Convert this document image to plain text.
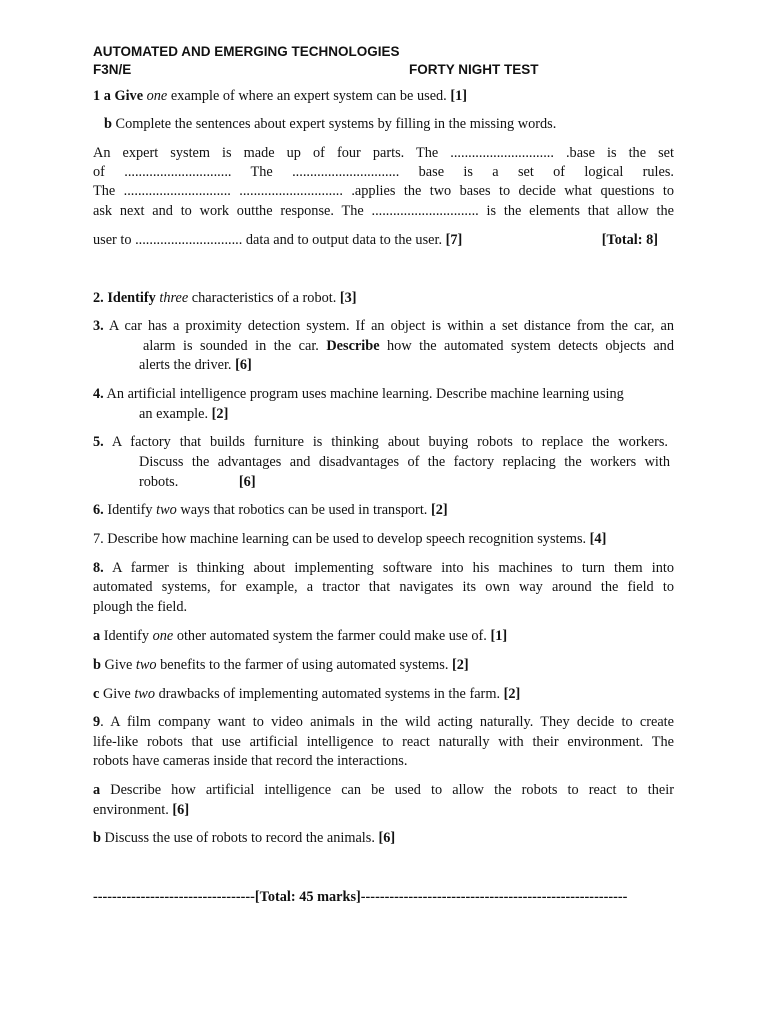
AUTOMATED AND EMERGING TECHNOLOGIES
F3N/E	FORTY NIGHT TEST

1 a Give one example of where an expert system can be used. [1]

b Complete the sentences about expert systems by filling in the missing words.

An expert system is made up of four parts. The ............................. .base is the set
of .............................. The .............................. base is a set of logical rules.
The .............................. ............................. .applies the two bases to decide what questions to
ask next and to work outthe response. The .............................. is the elements that allow the
user to .............................. data and to output data to the user. [7]	[Total: 8]

2. Identify three characteristics of a robot. [3]

3. A car has a proximity detection system. If an object is within a set distance from the car, an

alarm is sounded in the car. Describe how the automated system detects objects and

alerts the driver. [6]

4. An artificial intelligence program uses machine learning. Describe machine learning using

an example. [2]

5. A factory that builds furniture is thinking about buying robots to replace the workers.

Discuss the advantages and disadvantages of the factory replacing the workers with

robots.	[6]

6. Identify two ways that robotics can be used in transport. [2]

7. Describe how machine learning can be used to develop speech recognition systems. [4]

8. A farmer is thinking about implementing software into his machines to turn them into

automated systems, for example, a tractor that navigates its own way around the field to

plough the field.

a Identify one other automated system the farmer could make use of. [1]

b Give two benefits to the farmer of using automated systems. [2]

c Give two drawbacks of implementing automated systems in the farm. [2]

9. A film company want to video animals in the wild acting naturally. They decide to create

life-like robots that use artificial intelligence to react naturally with their environment. The

robots have cameras inside that record the interactions.

a Describe how artificial intelligence can be used to allow the robots to react to their

environment. [6]

b Discuss the use of robots to record the animals. [6]

----------------------------------[Total: 45 marks]--------------------------------------------------------
